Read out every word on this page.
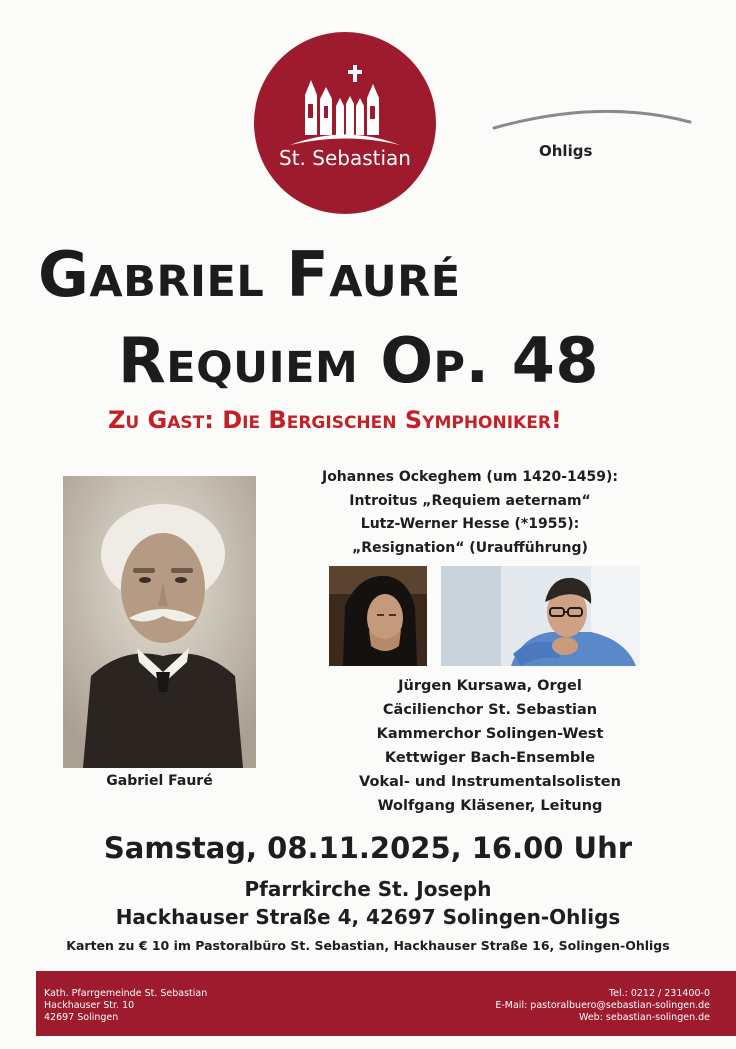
St. Sebastian	Ohligs
Gabriel Fauré
Requiem Op. 48
Zu Gast: Die Bergischen Symphoniker!
Gabriel Fauré
Johannes Ockeghem (um 1420-1459):
Introitus „Requiem aeternam“
Lutz-Werner Hesse (*1955):
„Resignation“ (Uraufführung)
Jürgen Kursawa, Orgel
Cäcilienchor St. Sebastian
Kammerchor Solingen-West
Kettwiger Bach-Ensemble
Vokal- und Instrumentalsolisten
Wolfgang Kläsener, Leitung
Samstag, 08.11.2025, 16.00 Uhr
Pfarrkirche St. Joseph
Hackhauser Straße 4, 42697 Solingen-Ohligs
Karten zu € 10 im Pastoralbüro St. Sebastian, Hackhauser Straße 16, Solingen-Ohligs
Kath. Pfarrgemeinde St. Sebastian
Hackhauser Str. 10
42697 Solingen
Tel.: 0212 / 231400-0
E-Mail: pastoralbuero@sebastian-solingen.de
Web: sebastian-solingen.de
